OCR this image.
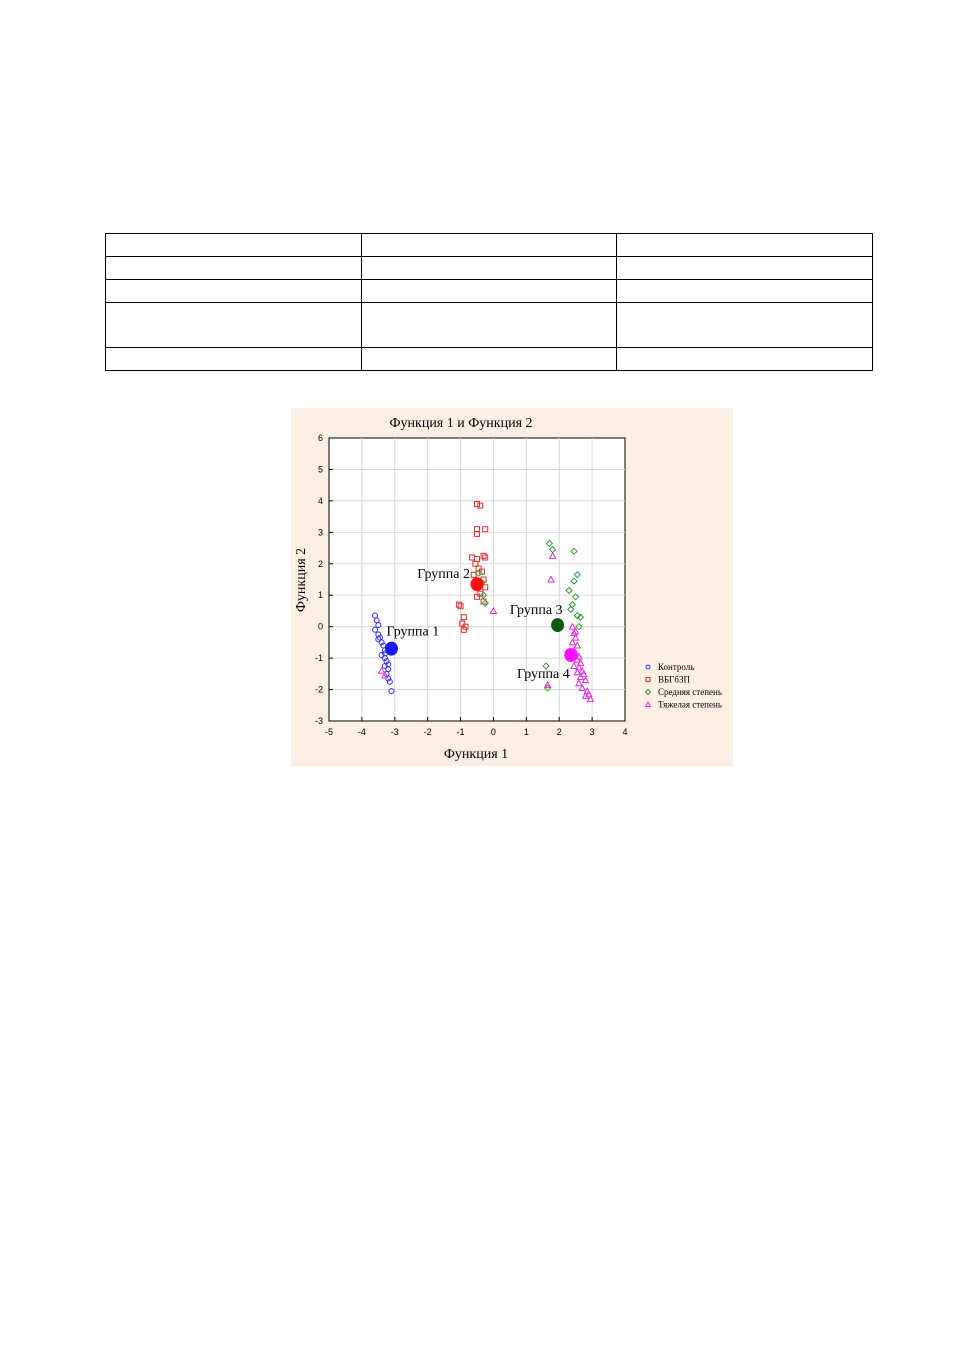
Функция 1 и Функция 2
-5	-4	-3	-2	-1	0	1	2	3	4
-3
-2
-1
0
1
2
3
4
5
6
Группа 1
Группа 2
Группа 3
Группа 4
Функция 1
Функция 2
Контроль
ВБГбЗП
Средняя степень
Тяжелая степень
